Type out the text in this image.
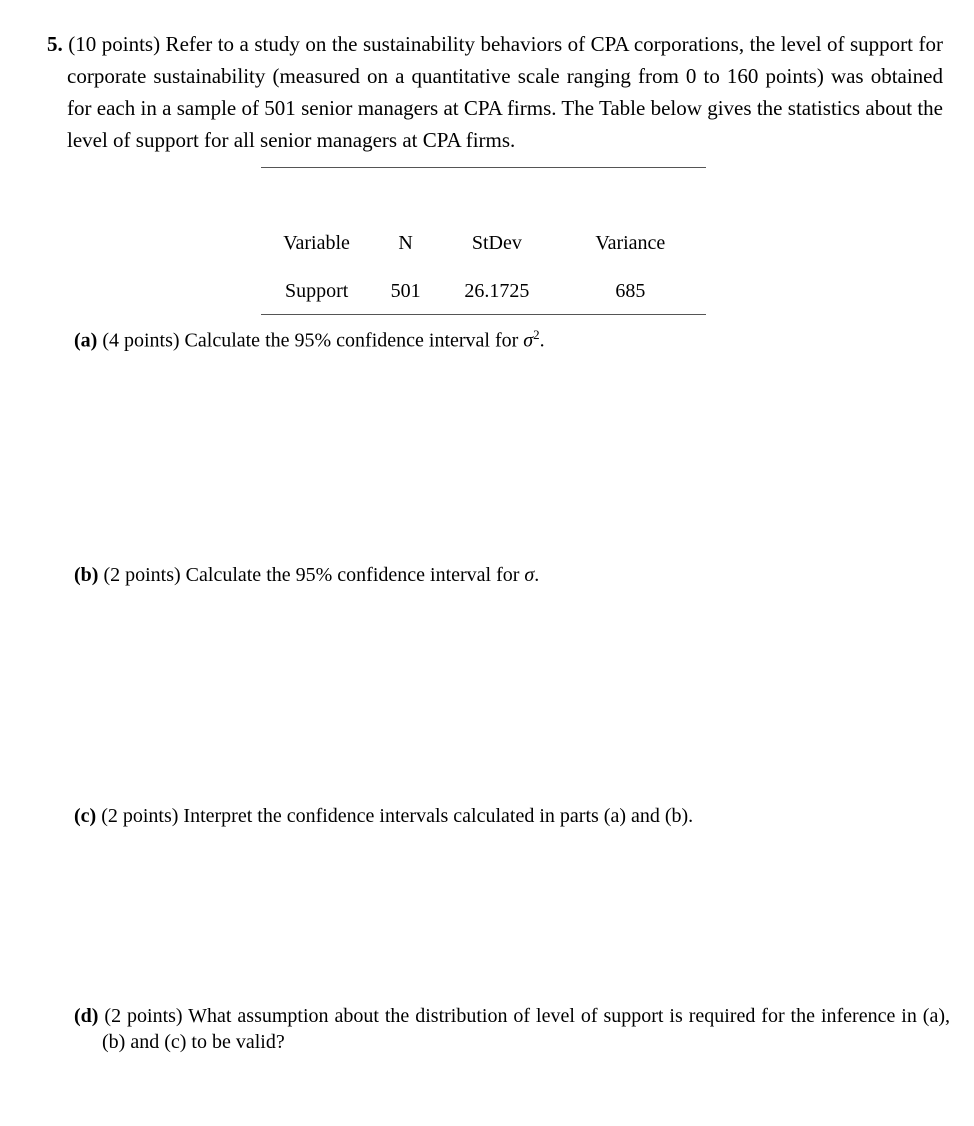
5. (10 points) Refer to a study on the sustainability behaviors of CPA corporations, the level of support for corporate sustainability (measured on a quantitative scale ranging from 0 to 160 points) was obtained for each in a sample of 501 senior managers at CPA firms. The Table below gives the statistics about the level of support for all senior managers at CPA firms.

Variable	N	StDev	Variance
Support	501	26.1725	685

(a) (4 points) Calculate the 95% confidence interval for $\sigma^2$.
(b) (2 points) Calculate the 95% confidence interval for σ.
(c) (2 points) Interpret the confidence intervals calculated in parts (a) and (b).
(d) (2 points) What assumption about the distribution of level of support is required for the inference in (a), (b) and (c) to be valid?
